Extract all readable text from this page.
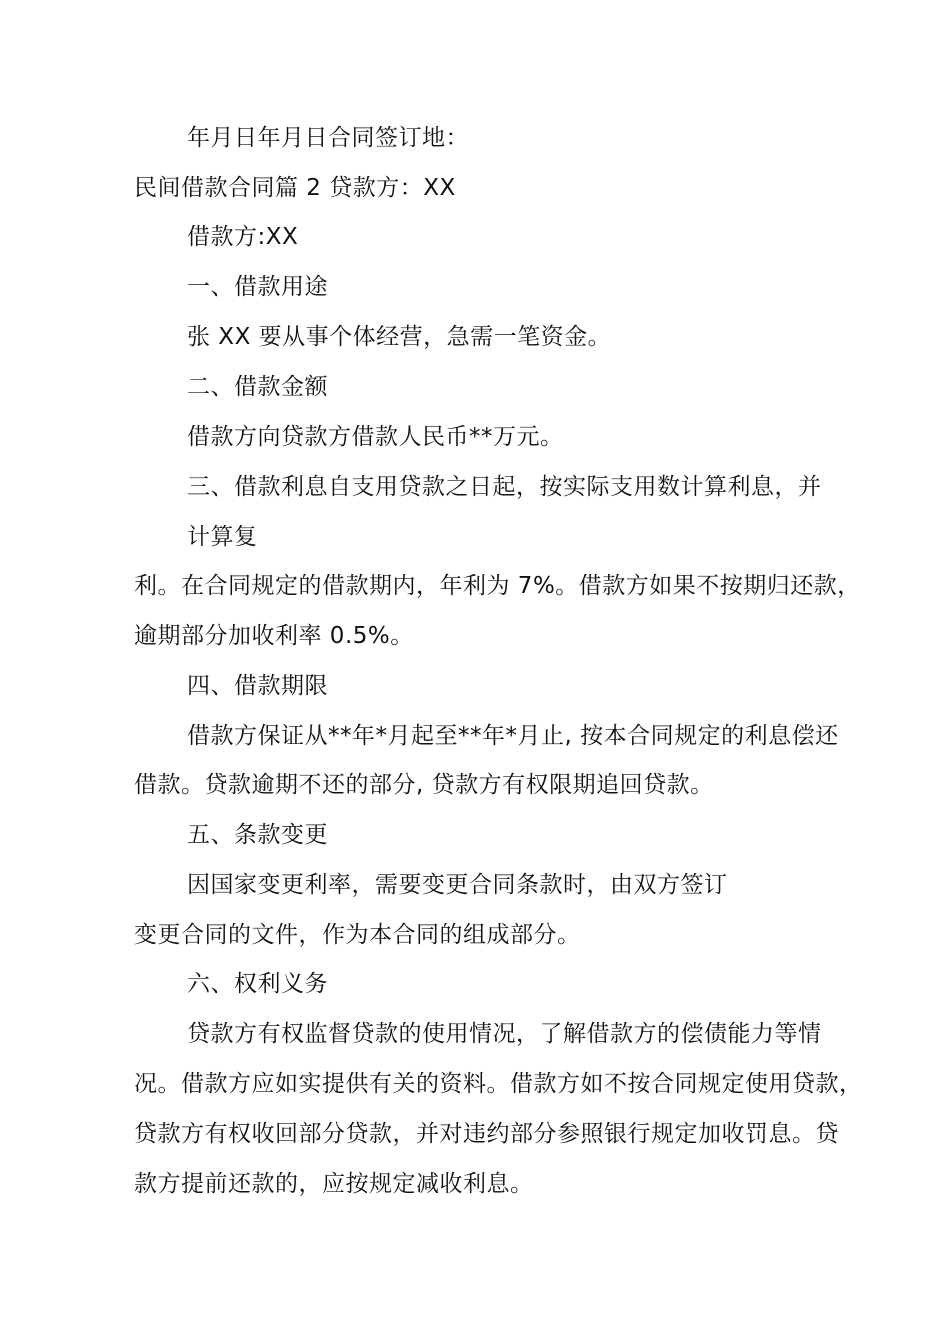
年月日年月日合同签订地：
民间借款合同篇 2 贷款方：XX
借款方:XX
一、借款用途
张 XX 要从事个体经营，急需一笔资金。
二、借款金额
借款方向贷款方借款人民币**万元。
三、借款利息自支用贷款之日起，按实际支用数计算利息，并
计算复
利。在合同规定的借款期内，年利为 7%。借款方如果不按期归还款，
逾期部分加收利率 0.5%。
四、借款期限
借款方保证从**年*月起至**年*月止, 按本合同规定的利息偿还
借款。贷款逾期不还的部分, 贷款方有权限期追回贷款。
五、条款变更
因国家变更利率，需要变更合同条款时，由双方签订
变更合同的文件，作为本合同的组成部分。
六、权利义务
贷款方有权监督贷款的使用情况，了解借款方的偿债能力等情
况。借款方应如实提供有关的资料。借款方如不按合同规定使用贷款，
贷款方有权收回部分贷款，并对违约部分参照银行规定加收罚息。贷
款方提前还款的，应按规定减收利息。
